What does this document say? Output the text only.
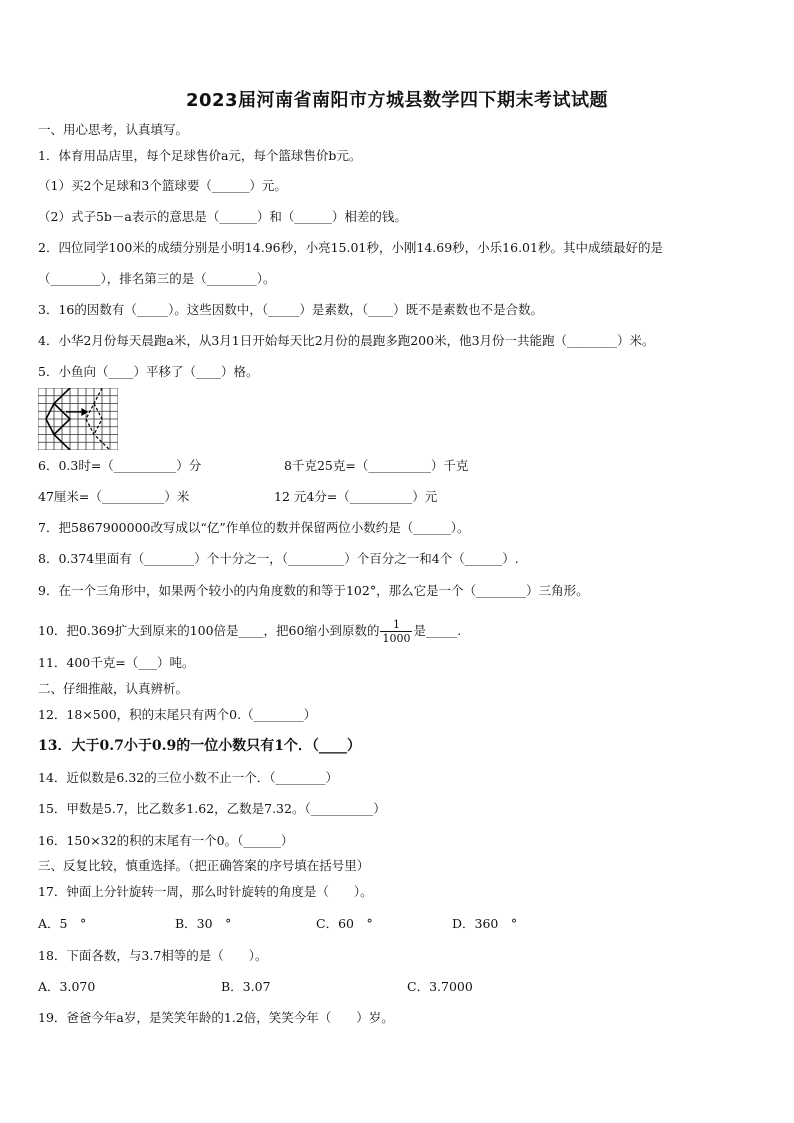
2023届河南省南阳市方城县数学四下期末考试试题
一、用心思考，认真填写。
1．体育用品店里，每个足球售价a元，每个篮球售价b元。
（1）买2个足球和3个篮球要（______）元。
（2）式子5b－a表示的意思是（______）和（______）相差的钱。
2．四位同学100米的成绩分别是小明14.96秒，小亮15.01秒，小刚14.69秒，小乐16.01秒。其中成绩最好的是
（________），排名第三的是（________）。
3．16的因数有（_____）。这些因数中，（_____）是素数，（____）既不是素数也不是合数。
4．小华2月份每天晨跑a米，从3月1日开始每天比2月份的晨跑多跑200米，他3月份一共能跑（________）米。
5．小鱼向（____）平移了（____）格。
6．0.3时=（__________）分	8千克25克=（__________）千克
47厘米=（__________）米	12 元4分=（__________）元
7．把5867900000改写成以“亿”作单位的数并保留两位小数约是（______）。
8．0.374里面有（________）个十分之一，（_________）个百分之一和4个（______）.
9．在一个三角形中，如果两个较小的内角度数的和等于102°，那么它是一个（________）三角形。
10．把0.369扩大到原来的100倍是____，把60缩小到原数的 $\frac{1}{1000}$ 是_____.
11．400千克=（___）吨。
二、仔细推敲，认真辨析。
12．18×500，积的末尾只有两个0.（________）
13．大于0.7小于0.9的一位小数只有1个．（____）
14．近似数是6.32的三位小数不止一个．（________）
15．甲数是5.7，比乙数多1.62，乙数是7.32。（__________）
16．150×32的积的末尾有一个0。（______）
三、反复比较，慎重选择。（把正确答案的序号填在括号里）
17．钟面上分针旋转一周，那么时针旋转的角度是（　　）。
A．5　°	B．30　°	C．60　°	D．360　°
18．下面各数，与3.7相等的是（　　）。
A．3.070	B．3.07	C．3.7000
19．爸爸今年a岁，是笑笑年龄的1.2倍，笑笑今年（　　）岁。
